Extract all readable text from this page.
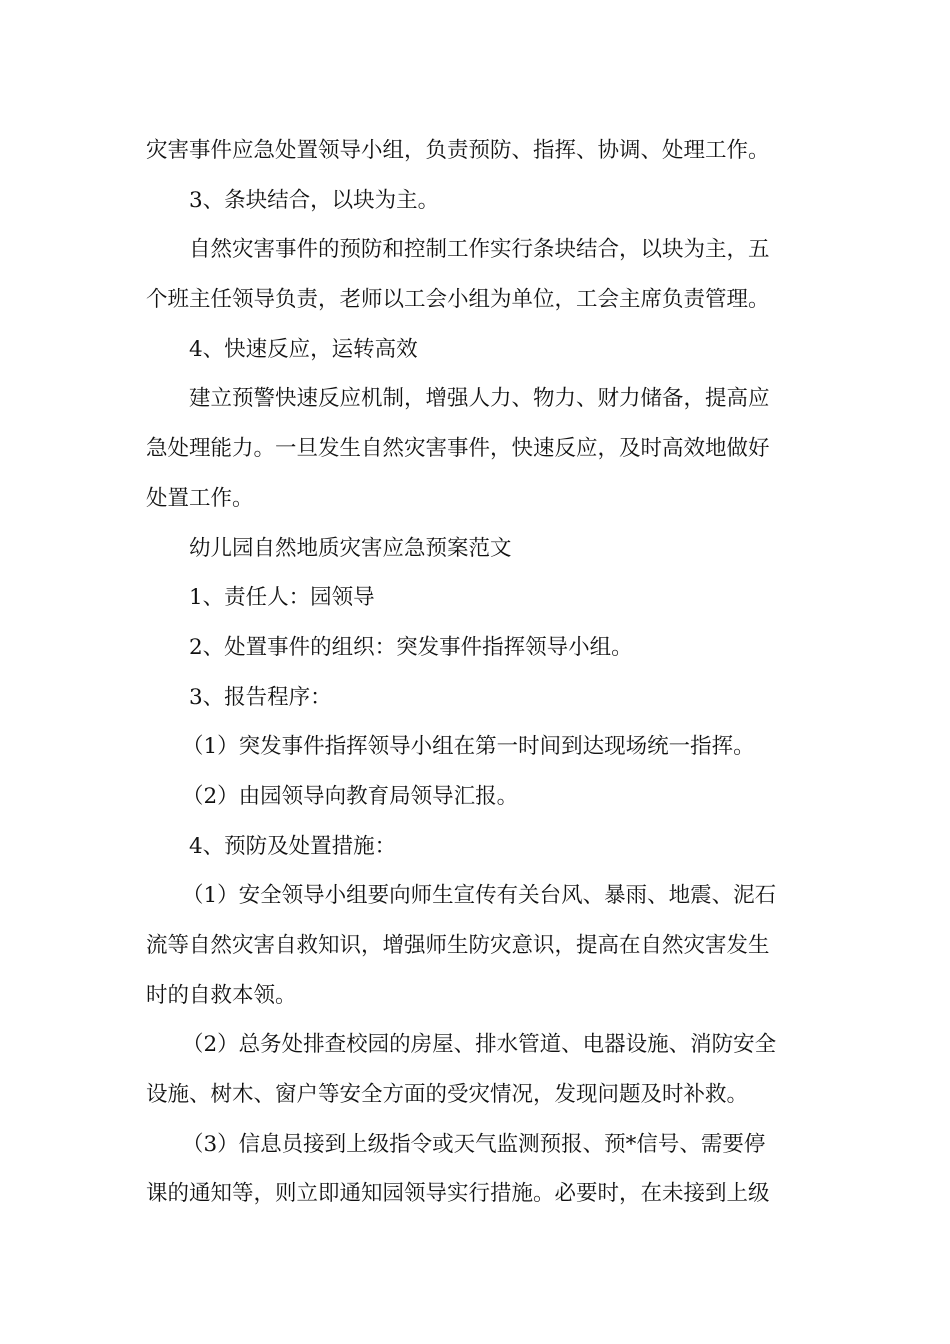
灾害事件应急处置领导小组，负责预防、指挥、协调、处理工作。
3、条块结合，以块为主。
自然灾害事件的预防和控制工作实行条块结合，以块为主，五
个班主任领导负责，老师以工会小组为单位，工会主席负责管理。
4、快速反应，运转高效
建立预警快速反应机制，增强人力、物力、财力储备，提高应
急处理能力。一旦发生自然灾害事件，快速反应，及时高效地做好
处置工作。
幼儿园自然地质灾害应急预案范文
1、责任人：园领导
2、处置事件的组织：突发事件指挥领导小组。
3、报告程序：
（1）突发事件指挥领导小组在第一时间到达现场统一指挥。
（2）由园领导向教育局领导汇报。
4、预防及处置措施：
（1）安全领导小组要向师生宣传有关台风、暴雨、地震、泥石
流等自然灾害自救知识，增强师生防灾意识，提高在自然灾害发生
时的自救本领。
（2）总务处排查校园的房屋、排水管道、电器设施、消防安全
设施、树木、窗户等安全方面的受灾情况，发现问题及时补救。
（3）信息员接到上级指令或天气监测预报、预*信号、需要停
课的通知等，则立即通知园领导实行措施。必要时，在未接到上级
